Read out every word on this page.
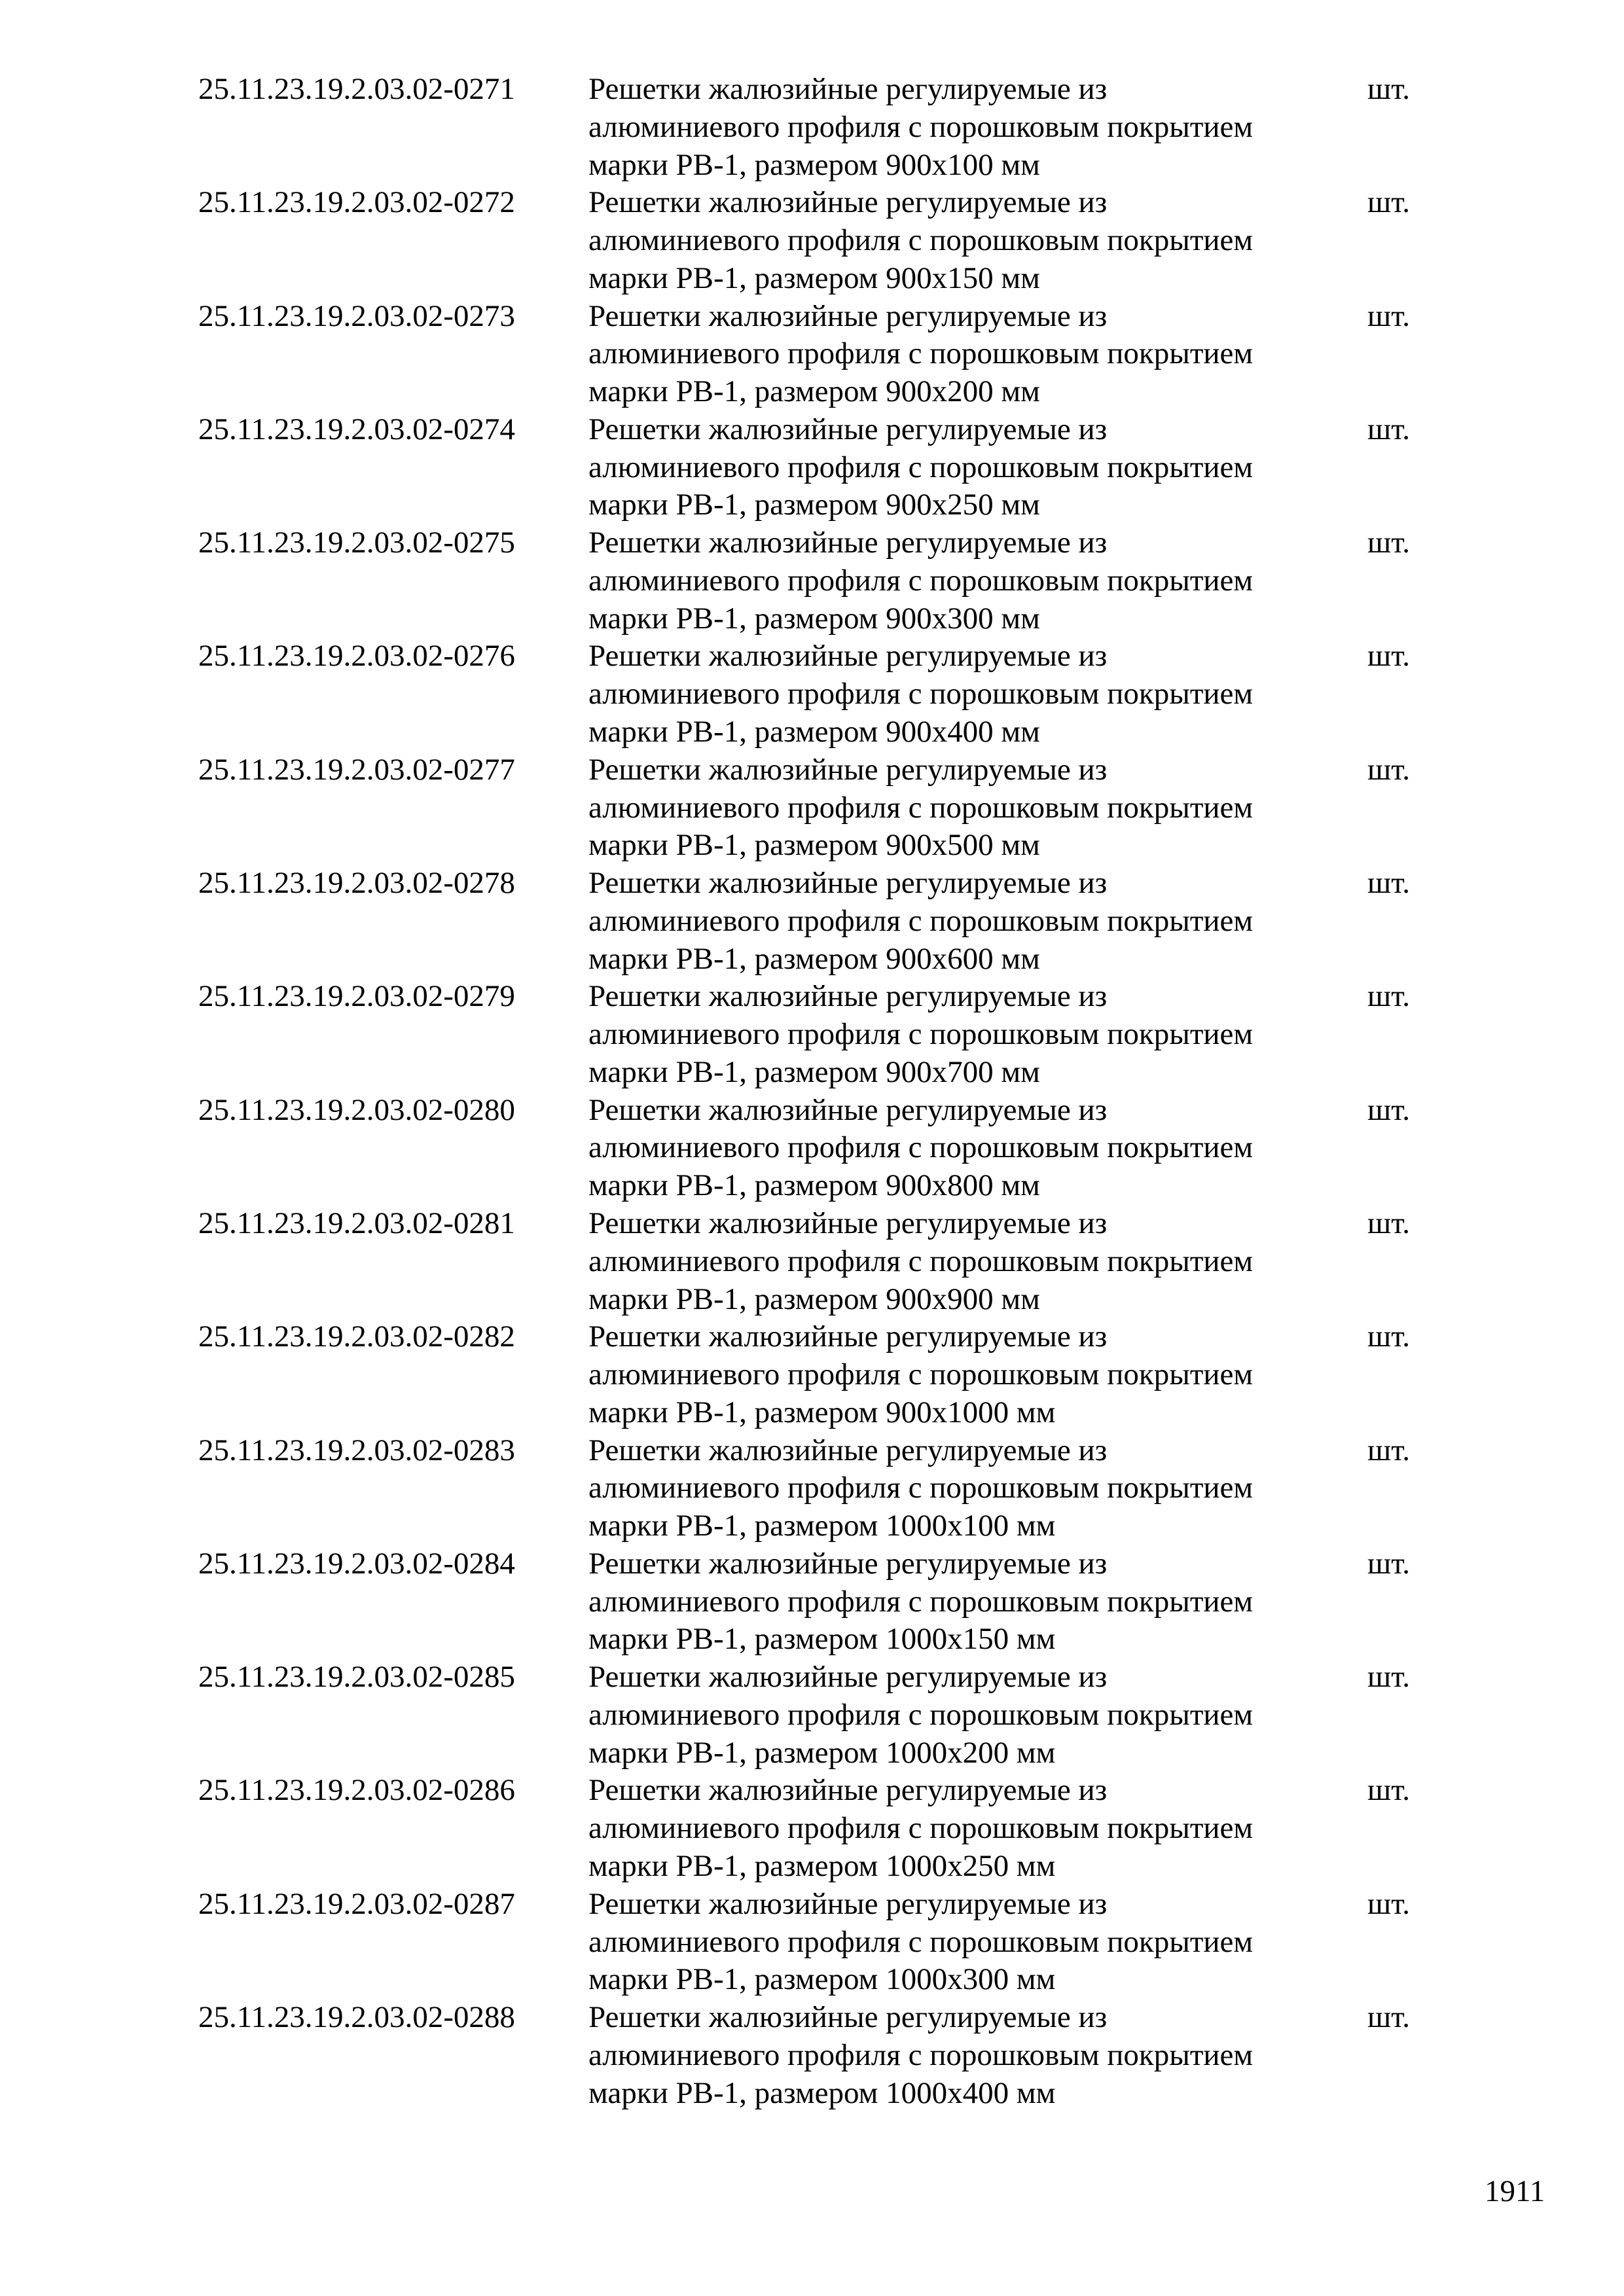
25.11.23.19.2.03.02-0271 Решетки жалюзийные регулируемые из
алюминиевого профиля с порошковым покрытием
марки РВ-1, размером 900х100 мм
шт.
25.11.23.19.2.03.02-0272 Решетки жалюзийные регулируемые из
алюминиевого профиля с порошковым покрытием
марки РВ-1, размером 900х150 мм
шт.
25.11.23.19.2.03.02-0273 Решетки жалюзийные регулируемые из
алюминиевого профиля с порошковым покрытием
марки РВ-1, размером 900х200 мм
шт.
25.11.23.19.2.03.02-0274 Решетки жалюзийные регулируемые из
алюминиевого профиля с порошковым покрытием
марки РВ-1, размером 900х250 мм
шт.
25.11.23.19.2.03.02-0275 Решетки жалюзийные регулируемые из
алюминиевого профиля с порошковым покрытием
марки РВ-1, размером 900х300 мм
шт.
25.11.23.19.2.03.02-0276 Решетки жалюзийные регулируемые из
алюминиевого профиля с порошковым покрытием
марки РВ-1, размером 900х400 мм
шт.
25.11.23.19.2.03.02-0277 Решетки жалюзийные регулируемые из
алюминиевого профиля с порошковым покрытием
марки РВ-1, размером 900х500 мм
шт.
25.11.23.19.2.03.02-0278 Решетки жалюзийные регулируемые из
алюминиевого профиля с порошковым покрытием
марки РВ-1, размером 900х600 мм
шт.
25.11.23.19.2.03.02-0279 Решетки жалюзийные регулируемые из
алюминиевого профиля с порошковым покрытием
марки РВ-1, размером 900х700 мм
шт.
25.11.23.19.2.03.02-0280 Решетки жалюзийные регулируемые из
алюминиевого профиля с порошковым покрытием
марки РВ-1, размером 900х800 мм
шт.
25.11.23.19.2.03.02-0281 Решетки жалюзийные регулируемые из
алюминиевого профиля с порошковым покрытием
марки РВ-1, размером 900х900 мм
шт.
25.11.23.19.2.03.02-0282 Решетки жалюзийные регулируемые из
алюминиевого профиля с порошковым покрытием
марки РВ-1, размером 900х1000 мм
шт.
25.11.23.19.2.03.02-0283 Решетки жалюзийные регулируемые из
алюминиевого профиля с порошковым покрытием
марки РВ-1, размером 1000х100 мм
шт.
25.11.23.19.2.03.02-0284 Решетки жалюзийные регулируемые из
алюминиевого профиля с порошковым покрытием
марки РВ-1, размером 1000х150 мм
шт.
25.11.23.19.2.03.02-0285 Решетки жалюзийные регулируемые из
алюминиевого профиля с порошковым покрытием
марки РВ-1, размером 1000х200 мм
шт.
25.11.23.19.2.03.02-0286 Решетки жалюзийные регулируемые из
алюминиевого профиля с порошковым покрытием
марки РВ-1, размером 1000х250 мм
шт.
25.11.23.19.2.03.02-0287 Решетки жалюзийные регулируемые из
алюминиевого профиля с порошковым покрытием
марки РВ-1, размером 1000х300 мм
шт.
25.11.23.19.2.03.02-0288 Решетки жалюзийные регулируемые из
алюминиевого профиля с порошковым покрытием
марки РВ-1, размером 1000х400 мм
шт.
1911
